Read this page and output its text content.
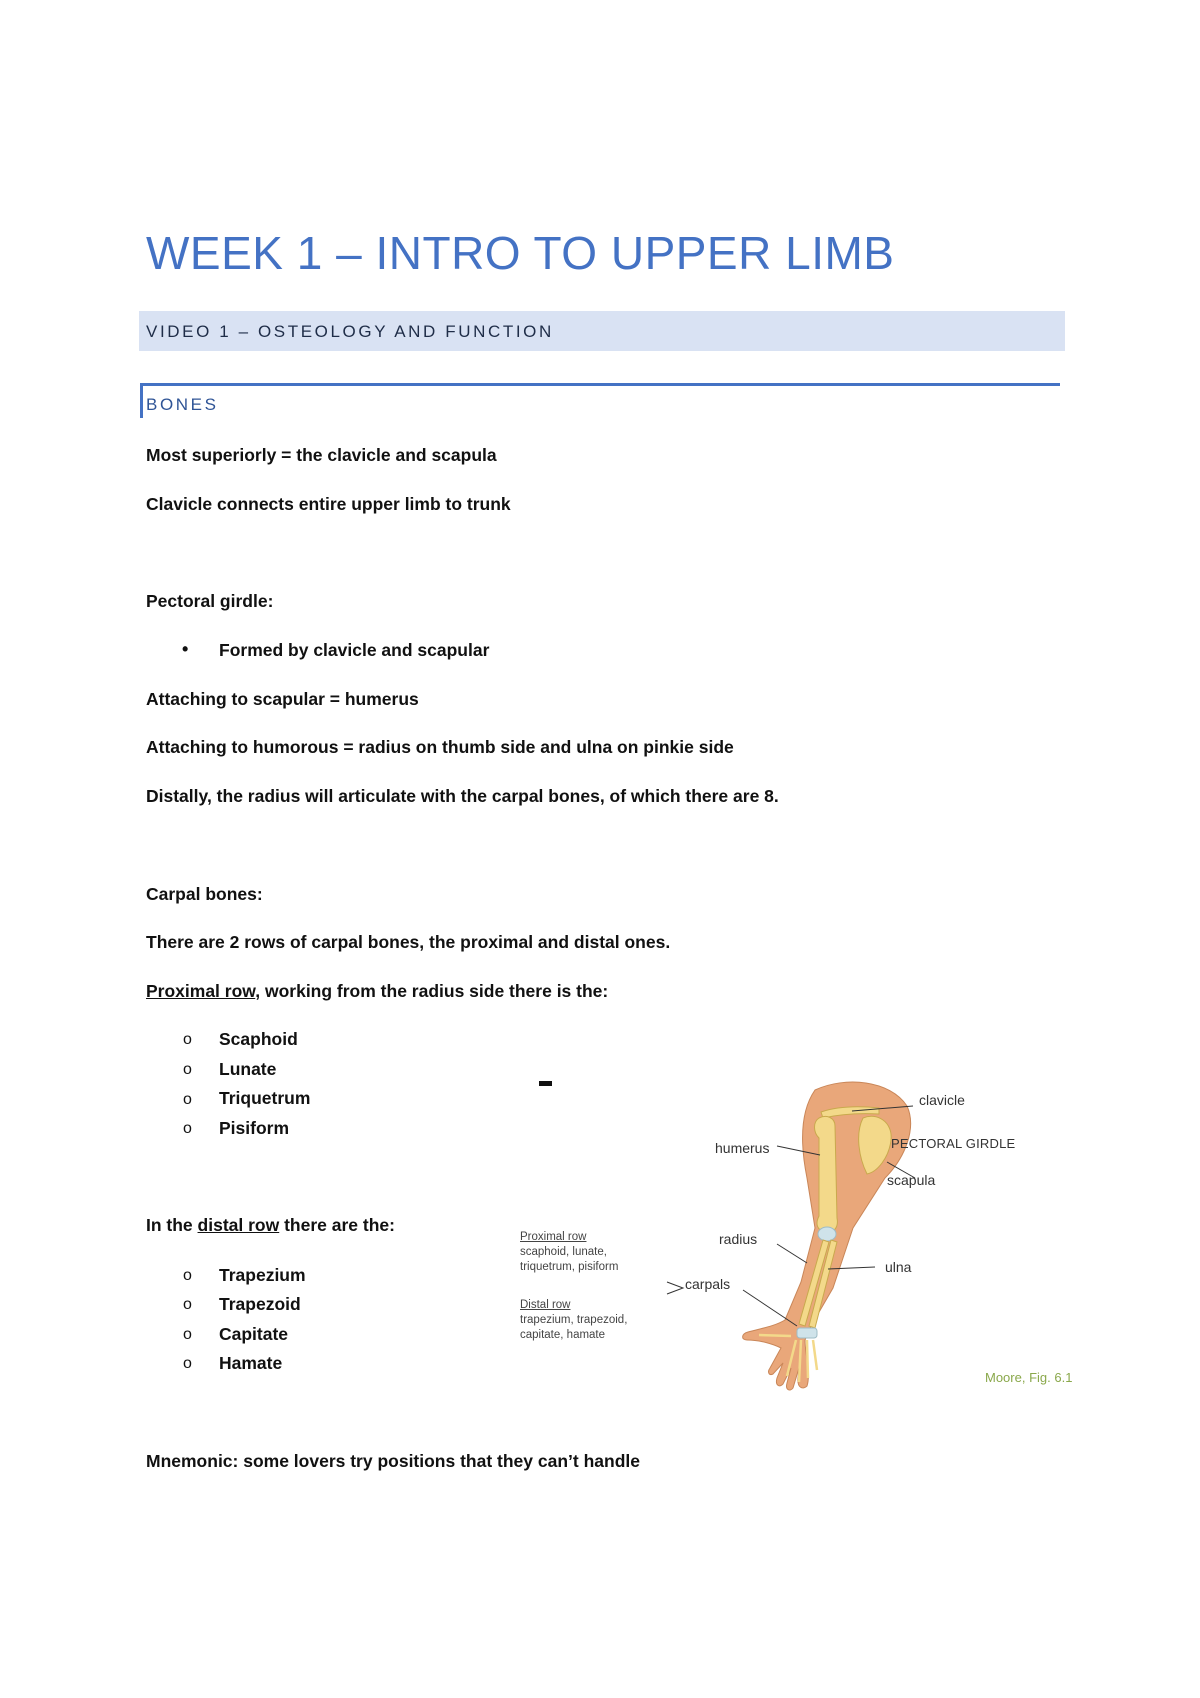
WEEK 1 – INTRO TO UPPER LIMB
VIDEO 1 – OSTEOLOGY AND FUNCTION
BONES
Most superiorly = the clavicle and scapula
Clavicle connects entire upper limb to trunk
Pectoral girdle:
• Formed by clavicle and scapular
Attaching to scapular = humerus
Attaching to humorous = radius on thumb side and ulna on pinkie side
Distally, the radius will articulate with the carpal bones, of which there are 8.
Carpal bones:
There are 2 rows of carpal bones, the proximal and distal ones.
Proximal row, working from the radius side there is the:
o Scaphoid
o Lunate
o Triquetrum
o Pisiform
In the distal row there are the:
o Trapezium
o Trapezoid
o Capitate
o Hamate
Mnemonic: some lovers try positions that they can’t handle
clavicle
PECTORAL GIRDLE
scapula
humerus
radius
ulna
carpals
Proximal row
scaphoid, lunate,
triquetrum, pisiform
Distal row
trapezium, trapezoid,
capitate, hamate
Moore, Fig. 6.1
